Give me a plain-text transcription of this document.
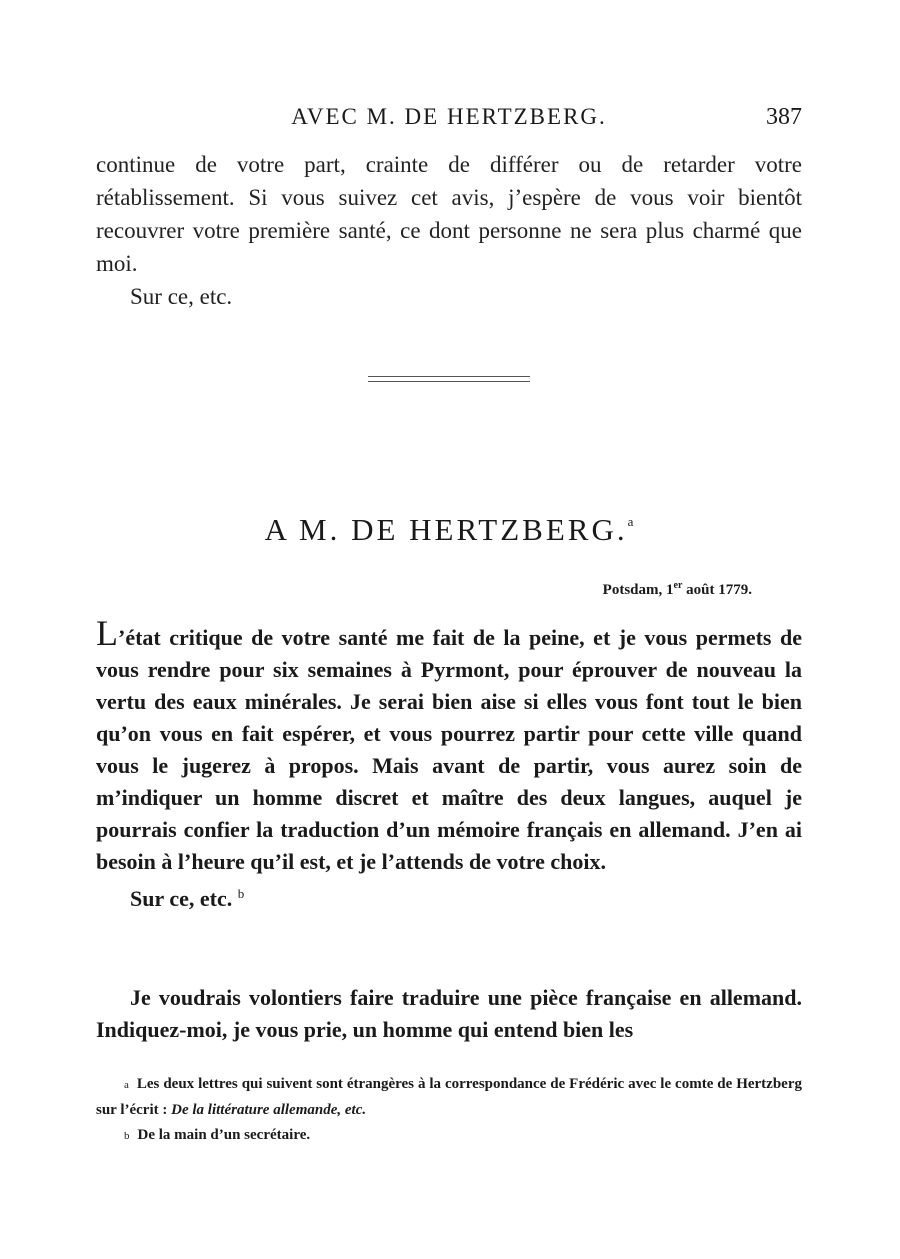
AVEC M. DE HERTZBERG.	387

continue de votre part, crainte de différer ou de retarder votre rétablissement. Si vous suivez cet avis, j’espère de vous voir bientôt recouvrer votre première santé, ce dont personne ne sera plus charmé que moi.

Sur ce, etc.

A M. DE HERTZBERG.$^a$
Potsdam, 1er août 1779.

L’état critique de votre santé me fait de la peine, et je vous permets de vous rendre pour six semaines à Pyrmont, pour éprouver de nouveau la vertu des eaux minérales. Je serai bien aise si elles vous font tout le bien qu’on vous en fait espérer, et vous pourrez partir pour cette ville quand vous le jugerez à propos. Mais avant de partir, vous aurez soin de m’indiquer un homme discret et maître des deux langues, auquel je pourrais confier la traduction d’un mémoire français en allemand. J’en ai besoin à l’heure qu’il est, et je l’attends de votre choix.

Sur ce, etc. $^b$

Je voudrais volontiers faire traduire une pièce française en allemand. Indiquez-moi, je vous prie, un homme qui entend bien les

a Les deux lettres qui suivent sont étrangères à la correspondance de Frédéric avec le comte de Hertzberg sur l’écrit : De la littérature allemande, etc.

b De la main d’un secrétaire.
